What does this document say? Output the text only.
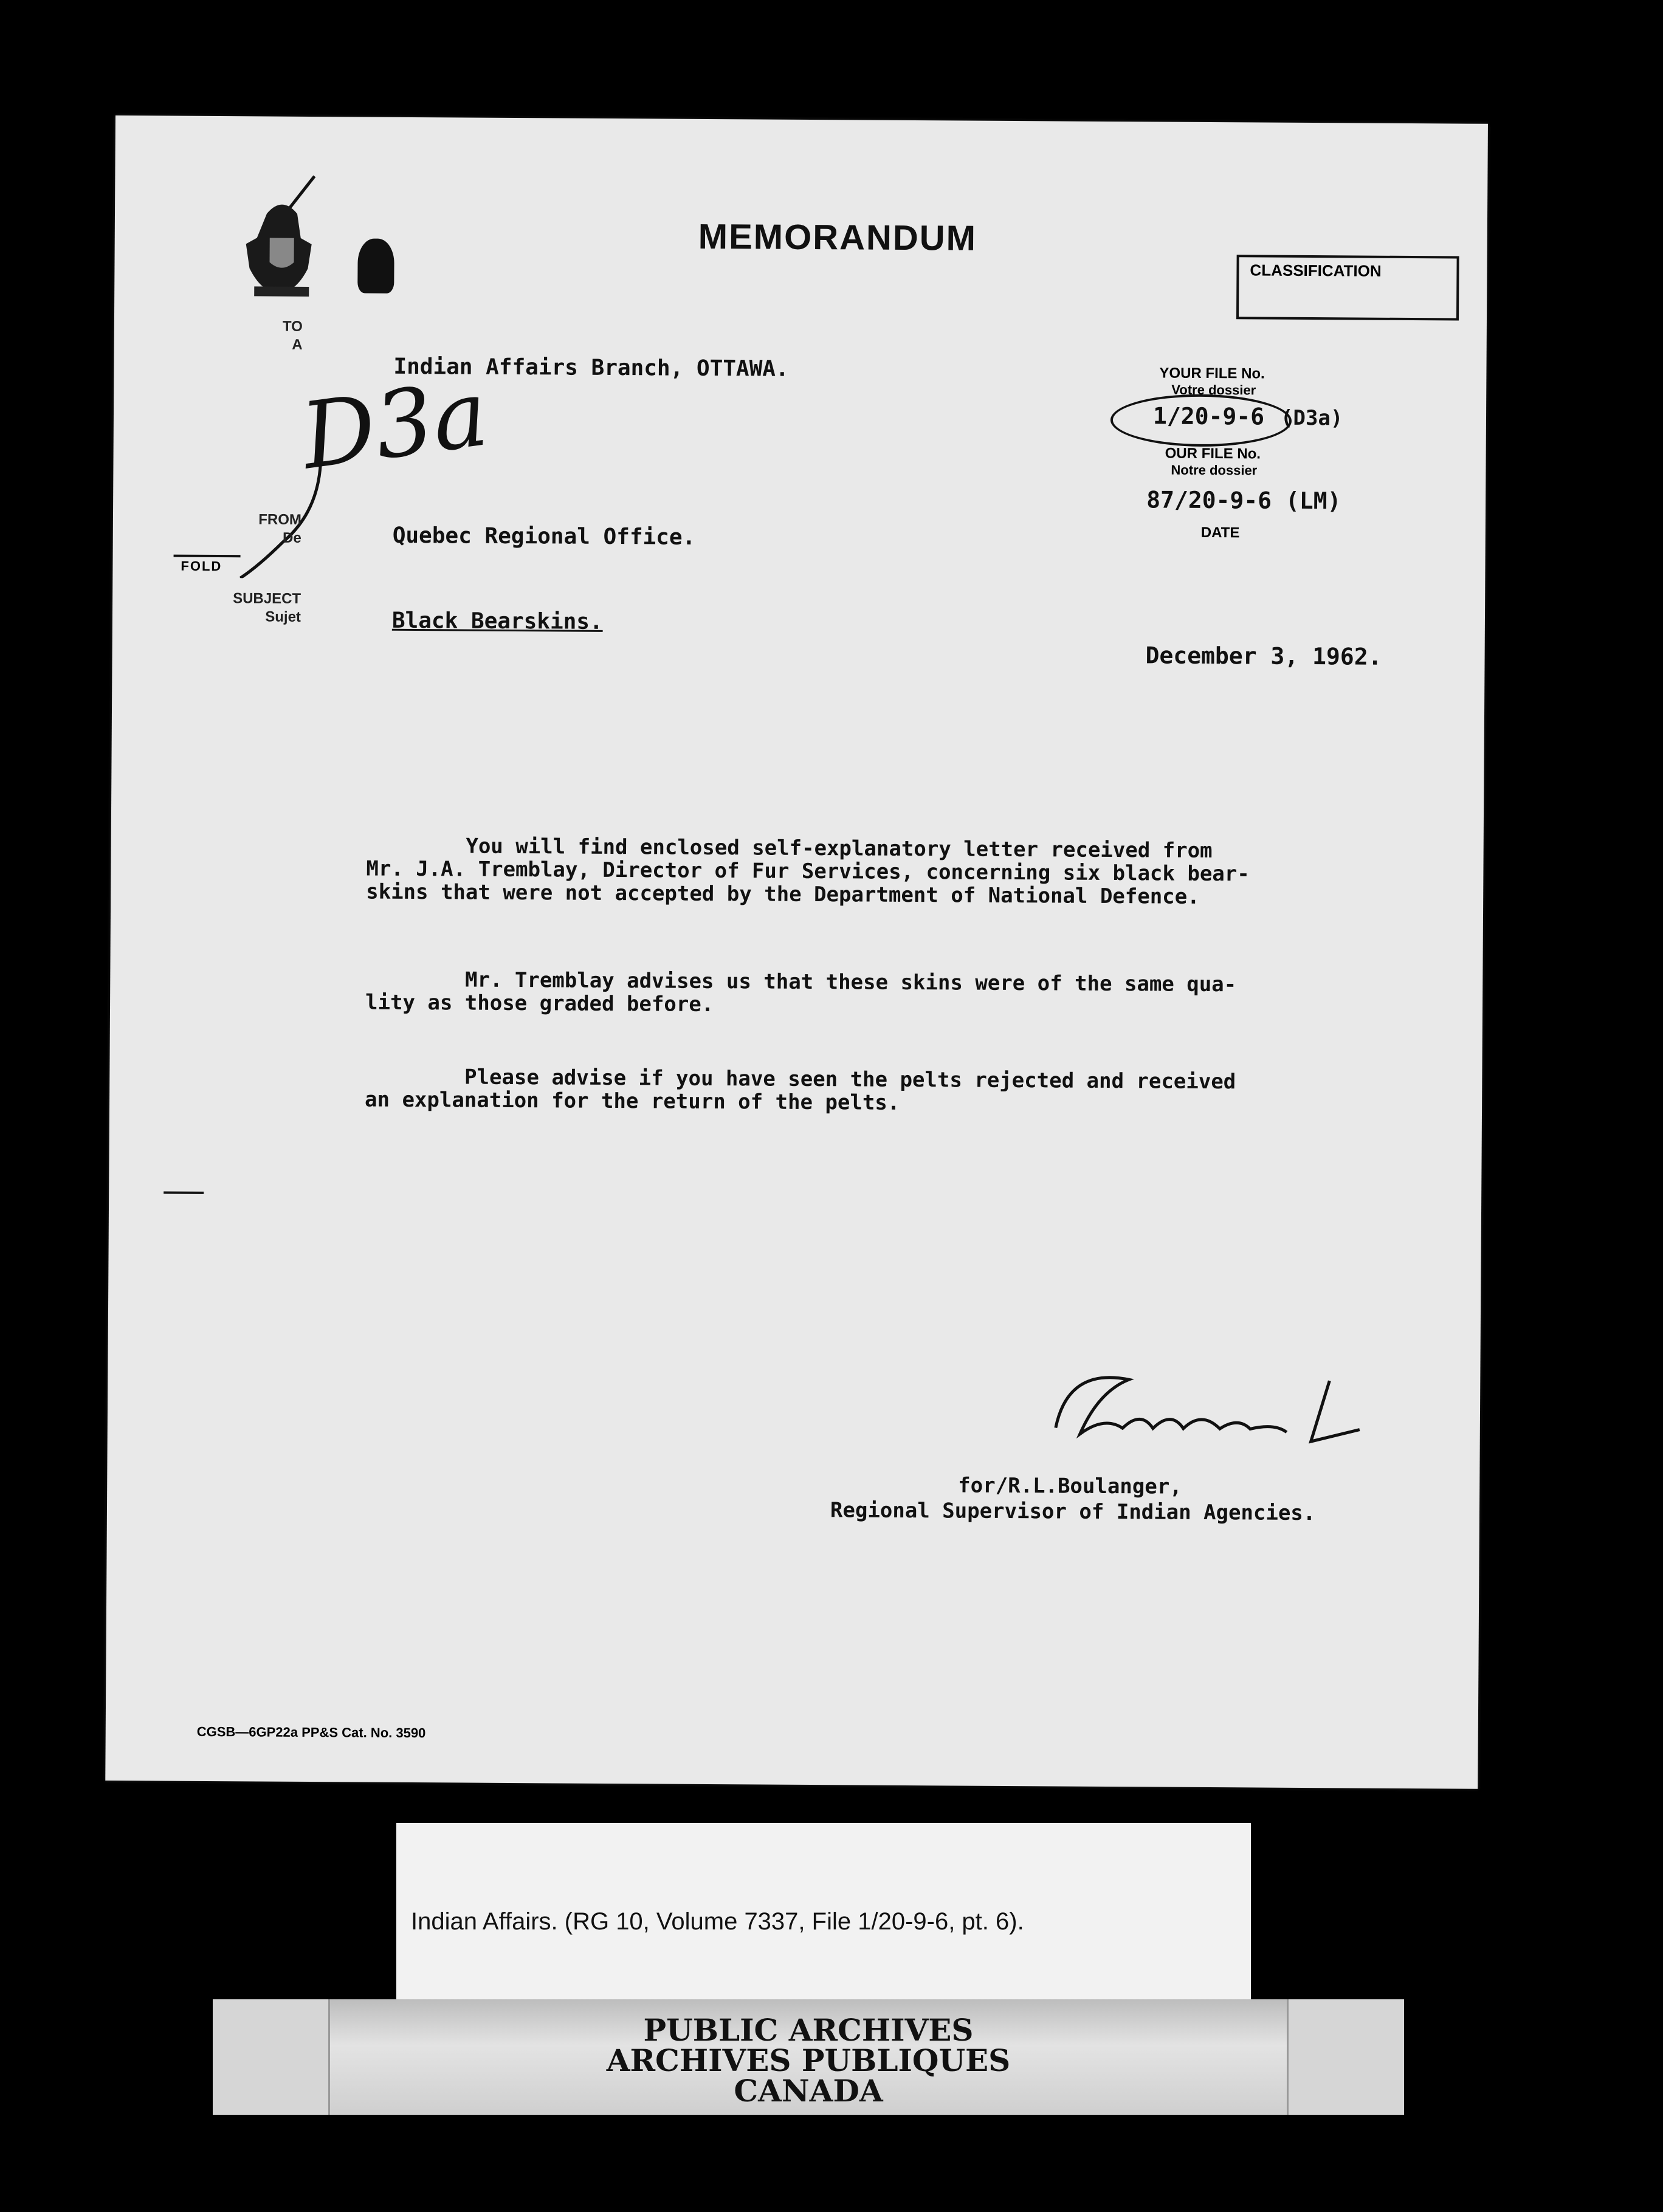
MEMORANDUM
CLASSIFICATION
TO
A
Indian Affairs Branch, OTTAWA.
D3a
FROM
De	Quebec Regional Office.
FOLD
SUBJECT
Sujet	Black Bearskins.
YOUR FILE No.
Votre dossier
1/20-9-6 (D3a)
OUR FILE No.
Notre dossier
87/20-9-6 (LM)
DATE
December 3, 1962.
You will find enclosed self-explanatory letter received from
Mr. J.A. Tremblay, Director of Fur Services, concerning six black bear-
skins that were not accepted by the Department of National Defence.
Mr. Tremblay advises us that these skins were of the same qua-
lity as those graded before.
Please advise if you have seen the pelts rejected and received
an explanation for the return of the pelts.
for/R.L.Boulanger,
Regional Supervisor of Indian Agencies.
CGSB—6GP22a PP&S Cat. No. 3590
Indian Affairs. (RG 10, Volume 7337, File 1/20-9-6, pt. 6).
PUBLIC ARCHIVES
ARCHIVES PUBLIQUES
CANADA
